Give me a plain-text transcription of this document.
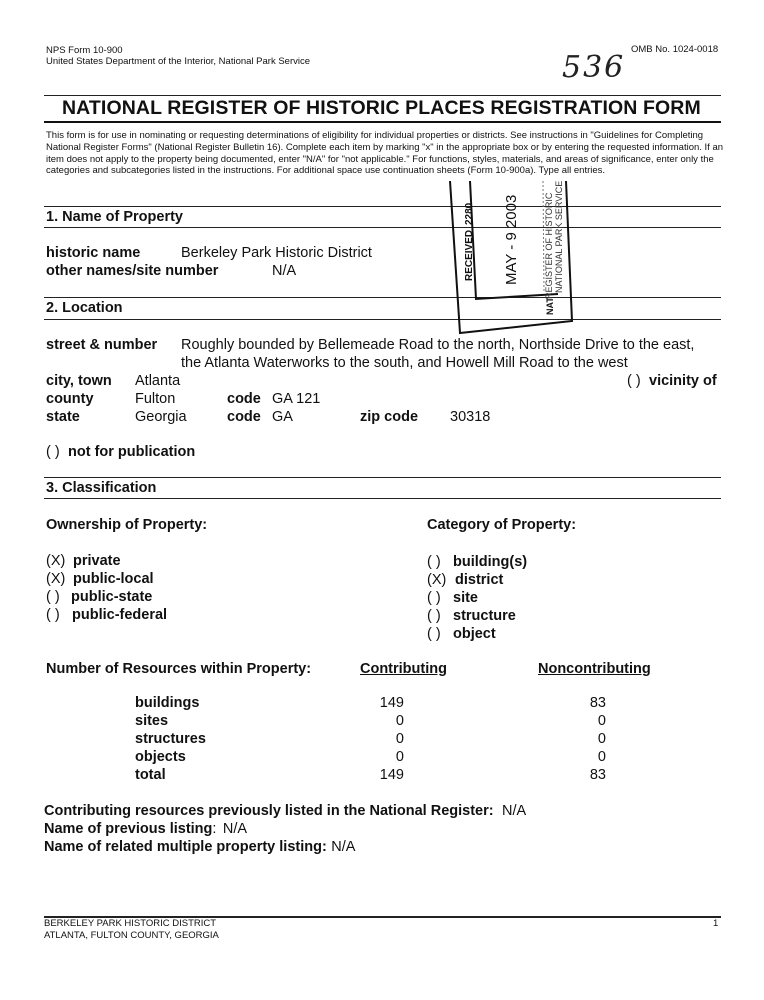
NPS Form 10-900
United States Department of the Interior, National Park Service
OMB No. 1024-0018
536
NATIONAL REGISTER OF HISTORIC PLACES REGISTRATION FORM
This form is for use in nominating or requesting determinations of eligibility for individual properties or districts. See instructions in "Guidelines for Completing National Register Forms" (National Register Bulletin 16). Complete each item by marking "x" in the appropriate box or by entering the requested information. If an item does not apply to the property being documented, enter "N/A" for "not applicable." For functions, styles, materials, and areas of significance, enter only the categories and subcategories listed in the instructions. For additional space use continuation sheets (Form 10-900a). Type all entries.
1. Name of Property
historic name	Berkeley Park Historic District
other names/site number	N/A
2. Location
street & number Roughly bounded by Bellemeade Road to the north, Northside Drive to the east,
the Atlanta Waterworks to the south, and Howell Mill Road to the west
city, town Atlanta	( ) vicinity of
county	Fulton	code GA 121
state	Georgia	code GA	zip code 30318
( ) not for publication
3. Classification
Ownership of Property:	Category of Property:
(X) private
(X) public-local
( ) public-state
( ) public-federal
( ) building(s)
(X) district
( ) site
( ) structure
( ) object
Number of Resources within Property:	Contributing	Noncontributing
buildings	149	83
sites	0	0
structures	0	0
objects	0	0
total	149	83
Contributing resources previously listed in the National Register: N/A
Name of previous listing: N/A
Name of related multiple property listing: N/A
BERKELEY PARK HISTORIC DISTRICT
ATLANTA, FULTON COUNTY, GEORGIA
1
2280
RECEIVED MAY - 9 2003	REGISTER OF HISTORIC NATIONAL PARK SERVICE
NAT
